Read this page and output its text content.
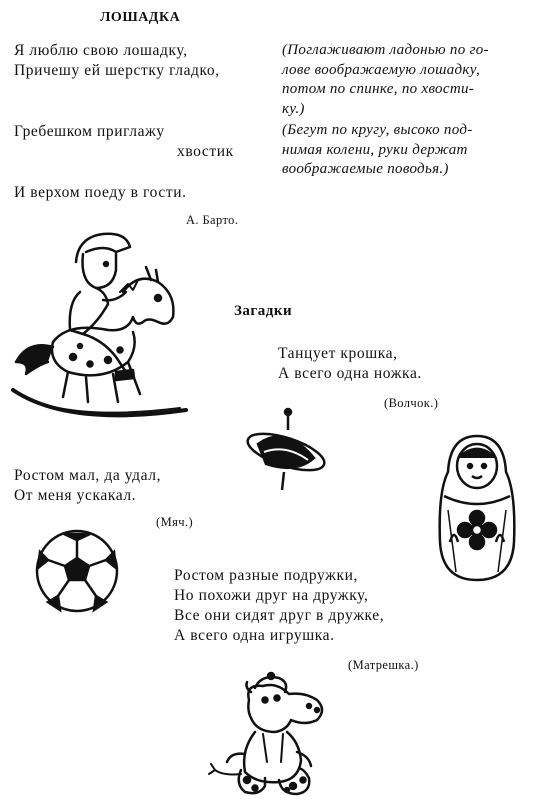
ЛОШАДКА
Я люблю свою лошадку,
Причешу ей шерстку гладко,
Гребешком приглажу
хвостик
И верхом поеду в гости.
А. Барто.
(Поглаживают ладонью по го-
лове воображаемую лошадку,
потом по спинке, по хвости-
ку.)
(Бегут по кругу, высоко под-
нимая колени, руки держат
воображаемые поводья.)
Загадки
Танцует крошка,
А всего одна ножка.
(Волчок.)
Ростом мал, да удал,
От меня ускакал.
(Мяч.)
Ростом разные подружки,
Но похожи друг на дружку,
Все они сидят друг в дружке,
А всего одна игрушка.
(Матрешка.)
